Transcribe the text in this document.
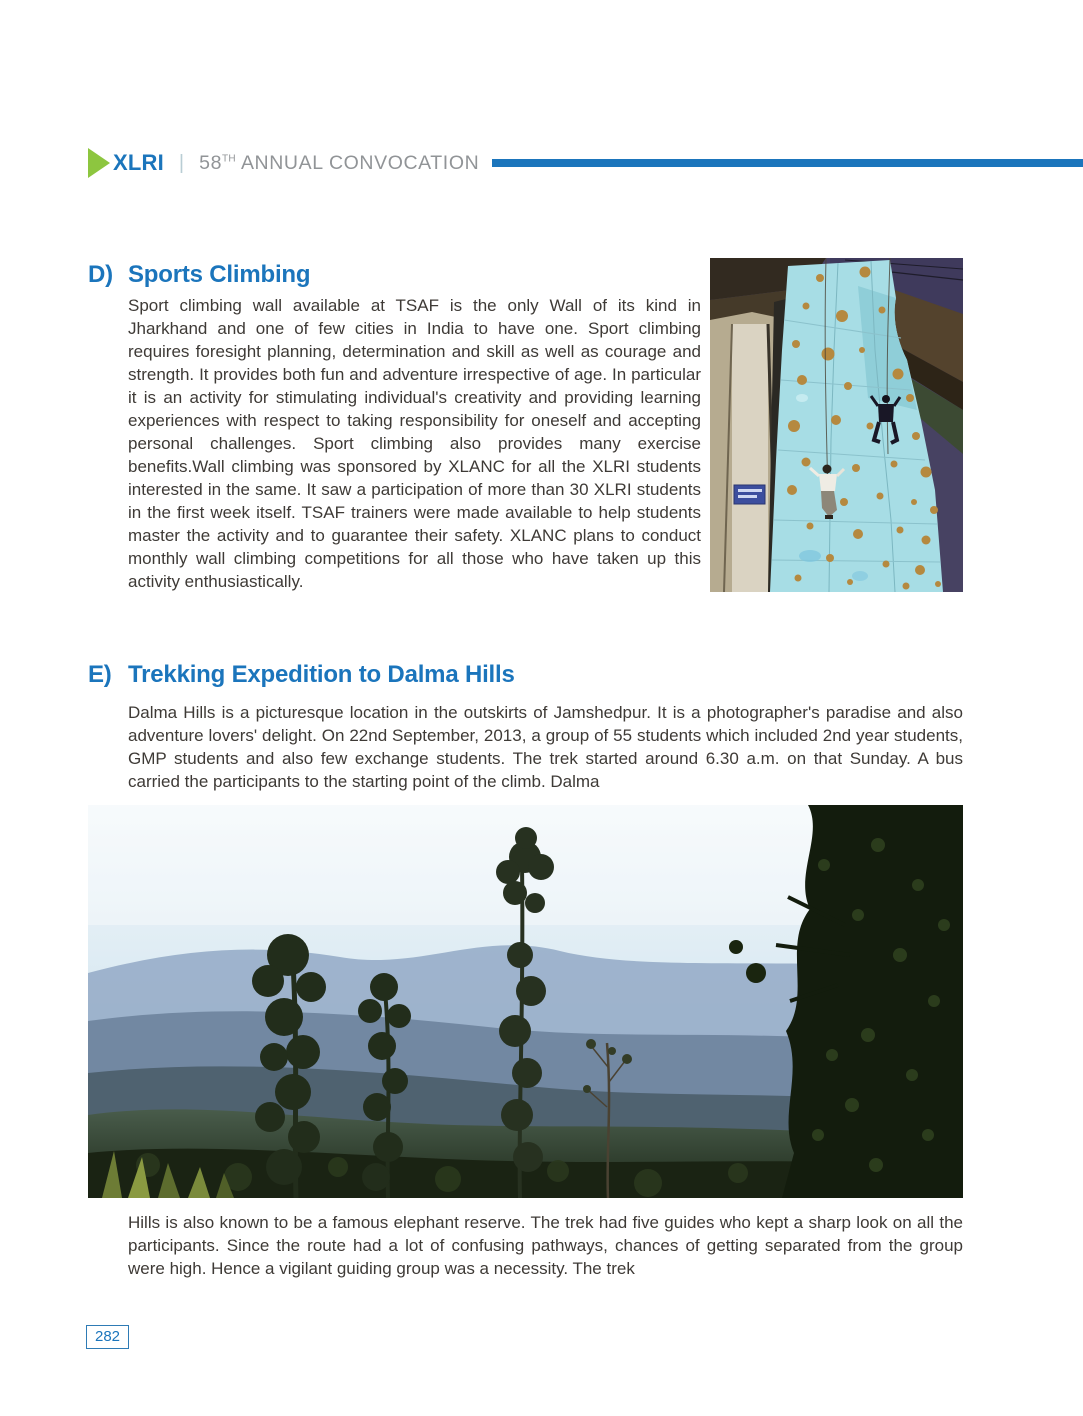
XLRI | 58TH ANNUAL CONVOCATION
D) Sports Climbing

Sport climbing wall available at TSAF is the only Wall of its kind in Jharkhand and one of few cities in India to have one. Sport climbing requires foresight planning, determination and skill as well as courage and strength. It provides both fun and adventure irrespective of age. In particular it is an activity for stimulating individual's creativity and providing learning experiences with respect to taking responsibility for oneself and accepting personal challenges. Sport climbing also provides many exercise benefits.Wall climbing was sponsored by XLANC for all the XLRI students interested in the same. It saw a participation of more than 30 XLRI students in the first week itself. TSAF trainers were made available to help students master the activity and to guarantee their safety. XLANC plans to conduct monthly wall climbing competitions for all those who have taken up this activity enthusiastically.

E) Trekking Expedition to Dalma Hills

Dalma Hills is a picturesque location in the outskirts of Jamshedpur. It is a photographer's paradise and also adventure lovers' delight. On 22nd September, 2013, a group of 55 students which included 2nd year students, GMP students and also few exchange students. The trek started around 6.30 a.m. on that Sunday. A bus carried the participants to the starting point of the climb. Dalma

Hills is also known to be a famous elephant reserve. The trek had five guides who kept a sharp look on all the participants. Since the route had a lot of confusing pathways, chances of getting separated from the group were high. Hence a vigilant guiding group was a necessity. The trek

282
